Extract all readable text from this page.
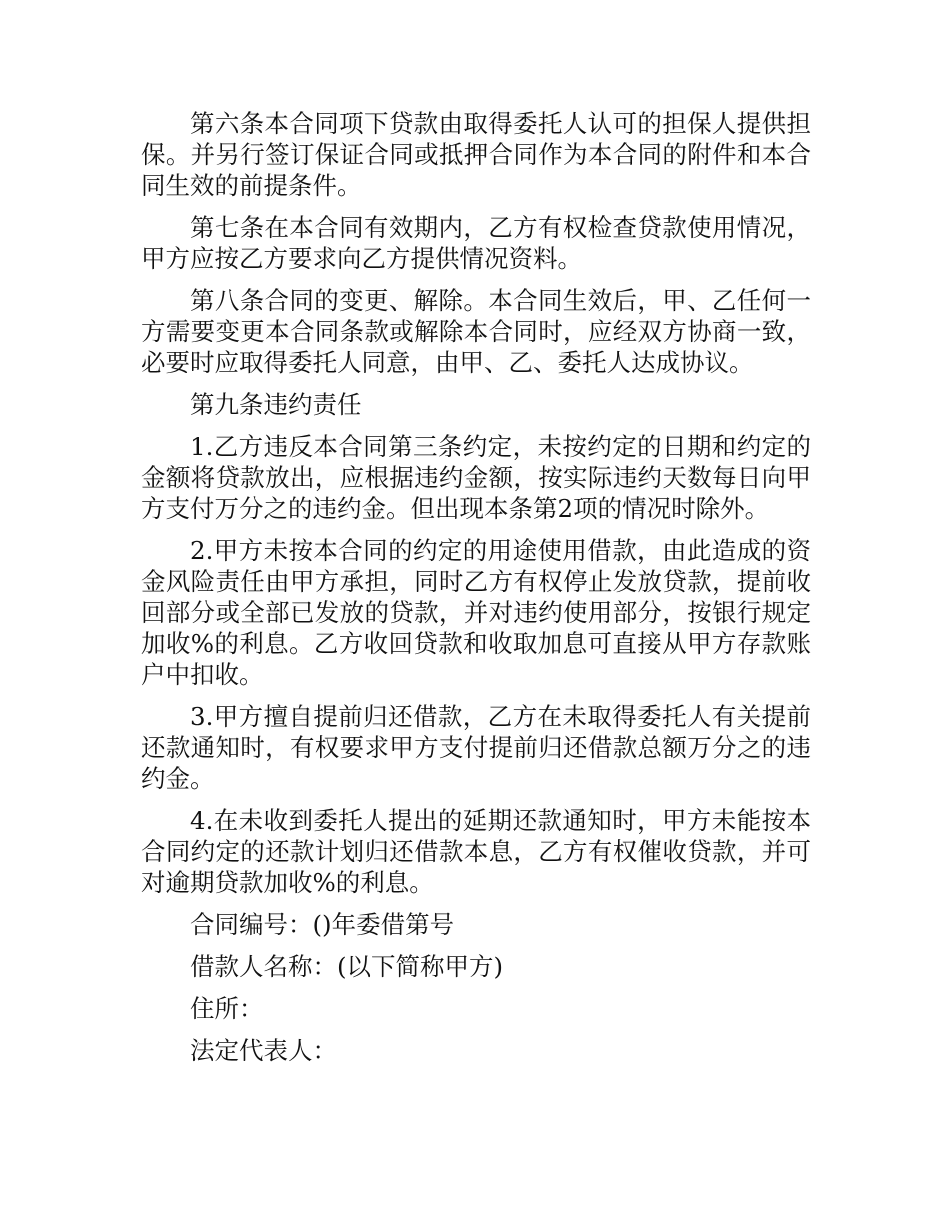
第六条本合同项下贷款由取得委托人认可的担保人提供担保。并另行签订保证合同或抵押合同作为本合同的附件和本合同生效的前提条件。

第七条在本合同有效期内，乙方有权检查贷款使用情况，甲方应按乙方要求向乙方提供情况资料。

第八条合同的变更、解除。本合同生效后，甲、乙任何一方需要变更本合同条款或解除本合同时，应经双方协商一致，必要时应取得委托人同意，由甲、乙、委托人达成协议。

第九条违约责任

1.乙方违反本合同第三条约定，未按约定的日期和约定的金额将贷款放出，应根据违约金额，按实际违约天数每日向甲方支付万分之的违约金。但出现本条第2项的情况时除外。

2.甲方未按本合同的约定的用途使用借款，由此造成的资金风险责任由甲方承担，同时乙方有权停止发放贷款，提前收回部分或全部已发放的贷款，并对违约使用部分，按银行规定加收%的利息。乙方收回贷款和收取加息可直接从甲方存款账户中扣收。

3.甲方擅自提前归还借款，乙方在未取得委托人有关提前还款通知时，有权要求甲方支付提前归还借款总额万分之的违约金。

4.在未收到委托人提出的延期还款通知时，甲方未能按本合同约定的还款计划归还借款本息，乙方有权催收贷款，并可对逾期贷款加收%的利息。

合同编号：()年委借第号

借款人名称：(以下简称甲方)

住所：

法定代表人：
